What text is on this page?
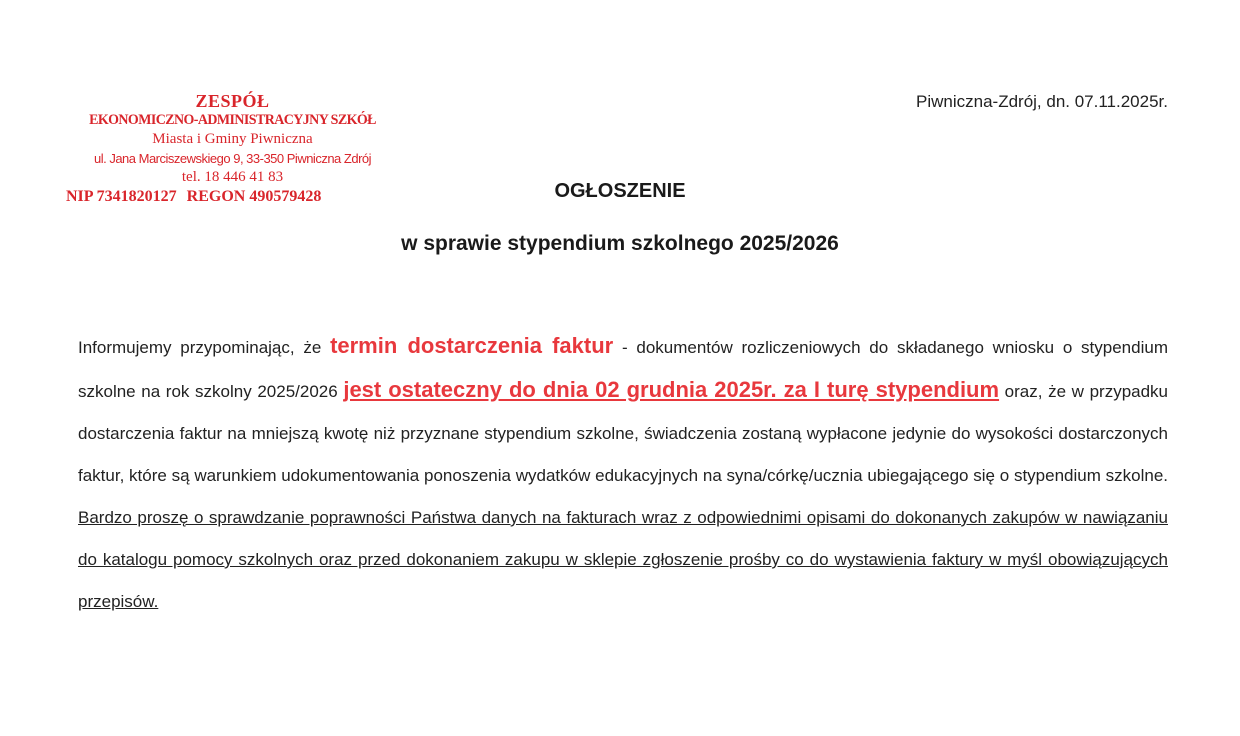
ZESPÓŁ
EKONOMICZNO-ADMINISTRACYJNY SZKÓŁ
Miasta i Gminy Piwniczna
ul. Jana Marciszewskiego 9, 33-350 Piwniczna Zdrój
tel. 18 446 41 83
NIP 7341820127 REGON 490579428
Piwniczna-Zdrój, dn. 07.11.2025r.
OGŁOSZENIE
w sprawie stypendium szkolnego 2025/2026
Informujemy przypominając, że termin dostarczenia faktur - dokumentów rozliczeniowych do składanego wniosku o stypendium szkolne na rok szkolny 2025/2026 jest ostateczny do dnia 02 grudnia 2025r. za I turę stypendium oraz, że w przypadku dostarczenia faktur na mniejszą kwotę niż przyznane stypendium szkolne, świadczenia zostaną wypłacone jedynie do wysokości dostarczonych faktur, które są warunkiem udokumentowania ponoszenia wydatków edukacyjnych na syna/córkę/ucznia ubiegającego się o stypendium szkolne. Bardzo proszę o sprawdzanie poprawności Państwa danych na fakturach wraz z odpowiednimi opisami do dokonanych zakupów w nawiązaniu do katalogu pomocy szkolnych oraz przed dokonaniem zakupu w sklepie zgłoszenie prośby co do wystawienia faktury w myśl obowiązujących przepisów.
